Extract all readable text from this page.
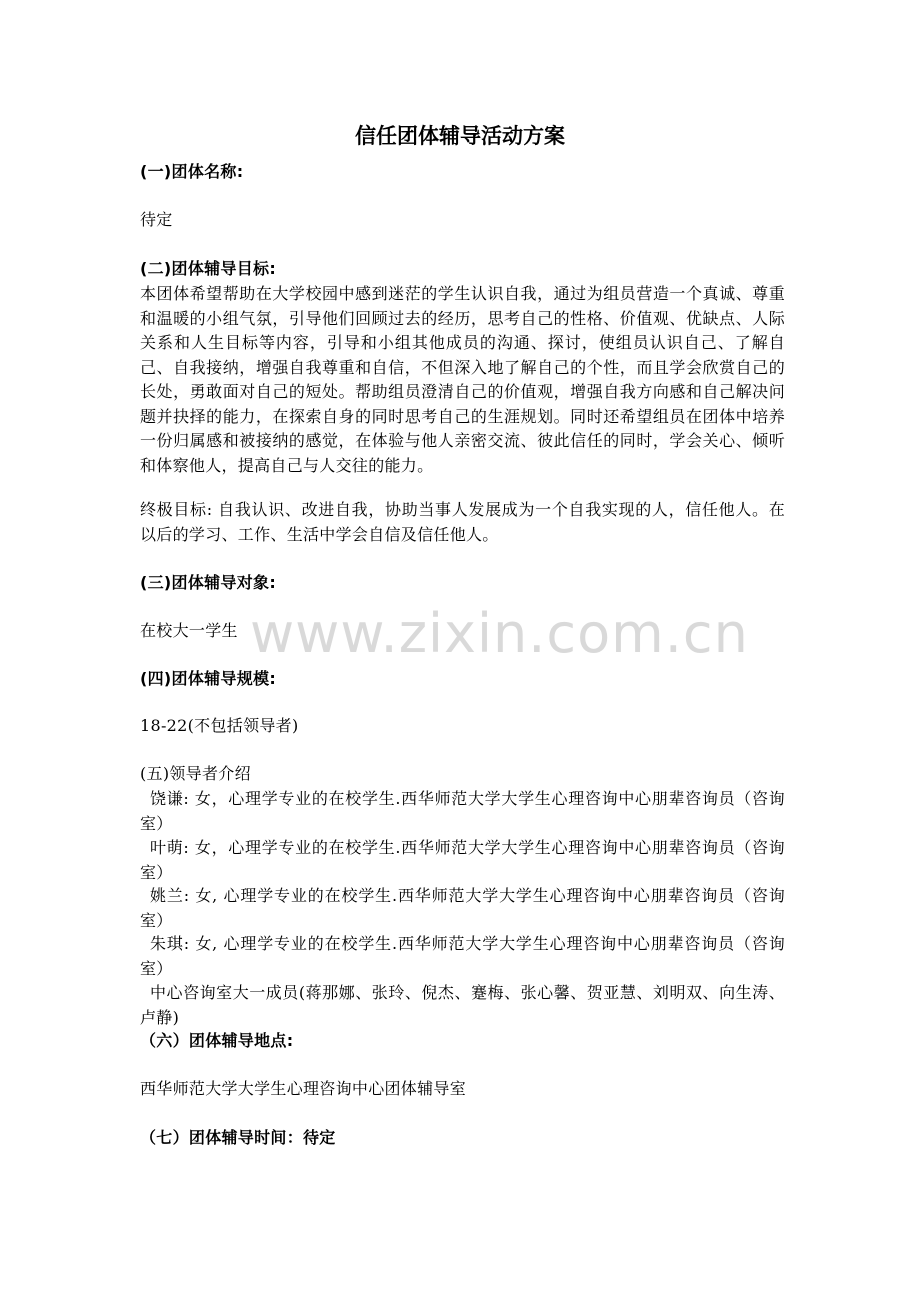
信任团体辅导活动方案
(一)团体名称:
待定
(二)团体辅导目标:
本团体希望帮助在大学校园中感到迷茫的学生认识自我，通过为组员营造一个真诚、尊重和温暖的小组气氛，引导他们回顾过去的经历，思考自己的性格、价值观、优缺点、人际关系和人生目标等内容，引导和小组其他成员的沟通、探讨，使组员认识自己、了解自己、自我接纳，增强自我尊重和自信，不但深入地了解自己的个性，而且学会欣赏自己的长处，勇敢面对自己的短处。帮助组员澄清自己的价值观，增强自我方向感和自己解决问题并抉择的能力，在探索自身的同时思考自己的生涯规划。同时还希望组员在团体中培养一份归属感和被接纳的感觉，在体验与他人亲密交流、彼此信任的同时，学会关心、倾听和体察他人，提高自己与人交往的能力。
终极目标: 自我认识、改进自我，协助当事人发展成为一个自我实现的人，信任他人。在以后的学习、工作、生活中学会自信及信任他人。
(三)团体辅导对象:
在校大一学生
(四)团体辅导规模:
18-22(不包括领导者)
(五)领导者介绍
饶谦: 女，心理学专业的在校学生.西华师范大学大学生心理咨询中心朋辈咨询员（咨询室）
叶萌: 女，心理学专业的在校学生.西华师范大学大学生心理咨询中心朋辈咨询员（咨询室）
姚兰: 女, 心理学专业的在校学生.西华师范大学大学生心理咨询中心朋辈咨询员（咨询室）
朱琪: 女, 心理学专业的在校学生.西华师范大学大学生心理咨询中心朋辈咨询员（咨询室）
中心咨询室大一成员(蒋那娜、张玲、倪杰、蹇梅、张心馨、贺亚慧、刘明双、向生涛、卢静)
（六）团体辅导地点:
西华师范大学大学生心理咨询中心团体辅导室
（七）团体辅导时间：待定
www.zixin.com.cn
